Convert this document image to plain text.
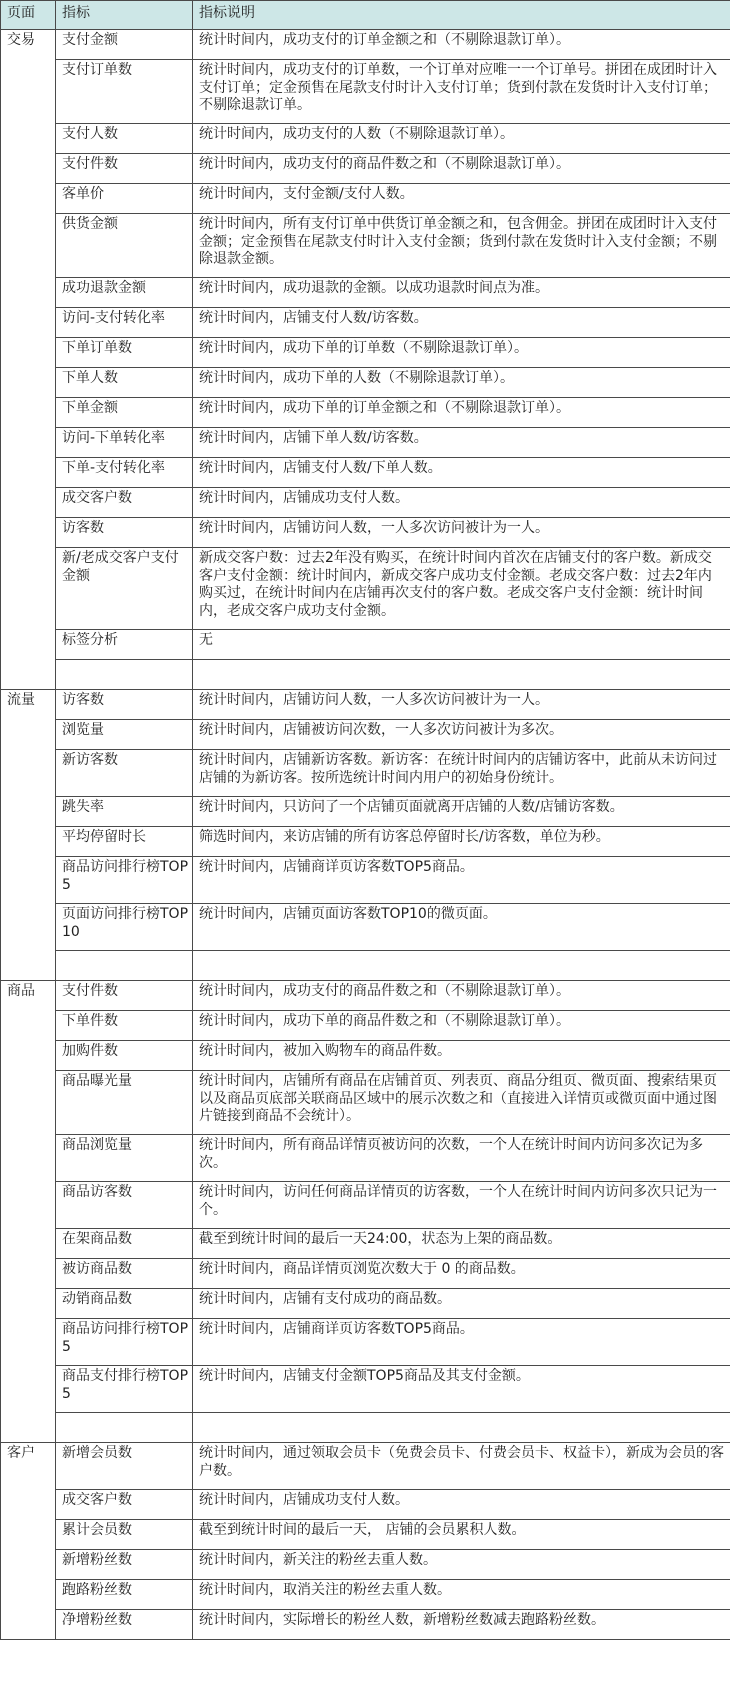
页面	指标	指标说明
交易	支付金额	统计时间内，成功支付的订单金额之和（不剔除退款订单）。
	支付订单数	统计时间内，成功支付的订单数，一个订单对应唯一一个订单号。拼团在成团时计入支付订单；定金预售在尾款支付时计入支付订单；货到付款在发货时计入支付订单；不剔除退款订单。
	支付人数	统计时间内，成功支付的人数（不剔除退款订单）。
	支付件数	统计时间内，成功支付的商品件数之和（不剔除退款订单）。
	客单价	统计时间内，支付金额/支付人数。
	供货金额	统计时间内，所有支付订单中供货订单金额之和，包含佣金。拼团在成团时计入支付金额；定金预售在尾款支付时计入支付金额；货到付款在发货时计入支付金额；不剔除退款金额。
	成功退款金额	统计时间内，成功退款的金额。以成功退款时间点为准。
	访问-支付转化率	统计时间内，店铺支付人数/访客数。
	下单订单数	统计时间内，成功下单的订单数（不剔除退款订单）。
	下单人数	统计时间内，成功下单的人数（不剔除退款订单）。
	下单金额	统计时间内，成功下单的订单金额之和（不剔除退款订单）。
	访问-下单转化率	统计时间内，店铺下单人数/访客数。
	下单-支付转化率	统计时间内，店铺支付人数/下单人数。
	成交客户数	统计时间内，店铺成功支付人数。
	访客数	统计时间内，店铺访问人数，一人多次访问被计为一人。
	新/老成交客户支付金额	新成交客户数：过去2年没有购买，在统计时间内首次在店铺支付的客户数。新成交客户支付金额：统计时间内，新成交客户成功支付金额。老成交客户数：过去2年内购买过，在统计时间内在店铺再次支付的客户数。老成交客户支付金额：统计时间内，老成交客户成功支付金额。
	标签分析	无

流量	访客数	统计时间内，店铺访问人数，一人多次访问被计为一人。
	浏览量	统计时间内，店铺被访问次数，一人多次访问被计为多次。
	新访客数	统计时间内，店铺新访客数。新访客：在统计时间内的店铺访客中，此前从未访问过店铺的为新访客。按所选统计时间内用户的初始身份统计。
	跳失率	统计时间内，只访问了一个店铺页面就离开店铺的人数/店铺访客数。
	平均停留时长	筛选时间内，来访店铺的所有访客总停留时长/访客数，单位为秒。
	商品访问排行榜TOP5	统计时间内，店铺商详页访客数TOP5商品。
	页面访问排行榜TOP10	统计时间内，店铺页面访客数TOP10的微页面。

商品	支付件数	统计时间内，成功支付的商品件数之和（不剔除退款订单）。
	下单件数	统计时间内，成功下单的商品件数之和（不剔除退款订单）。
	加购件数	统计时间内，被加入购物车的商品件数。
	商品曝光量	统计时间内，店铺所有商品在店铺首页、列表页、商品分组页、微页面、搜索结果页以及商品页底部关联商品区域中的展示次数之和（直接进入详情页或微页面中通过图片链接到商品不会统计）。
	商品浏览量	统计时间内，所有商品详情页被访问的次数，一个人在统计时间内访问多次记为多次。
	商品访客数	统计时间内，访问任何商品详情页的访客数，一个人在统计时间内访问多次只记为一个。
	在架商品数	截至到统计时间的最后一天24:00，状态为上架的商品数。
	被访商品数	统计时间内，商品详情页浏览次数大于 0 的商品数。
	动销商品数	统计时间内，店铺有支付成功的商品数。
	商品访问排行榜TOP5	统计时间内，店铺商详页访客数TOP5商品。
	商品支付排行榜TOP5	统计时间内，店铺支付金额TOP5商品及其支付金额。

客户	新增会员数	统计时间内，通过领取会员卡（免费会员卡、付费会员卡、权益卡），新成为会员的客户数。
	成交客户数	统计时间内，店铺成功支付人数。
	累计会员数	截至到统计时间的最后一天， 店铺的会员累积人数。
	新增粉丝数	统计时间内，新关注的粉丝去重人数。
	跑路粉丝数	统计时间内，取消关注的粉丝去重人数。
	净增粉丝数	统计时间内，实际增长的粉丝人数，新增粉丝数减去跑路粉丝数。
